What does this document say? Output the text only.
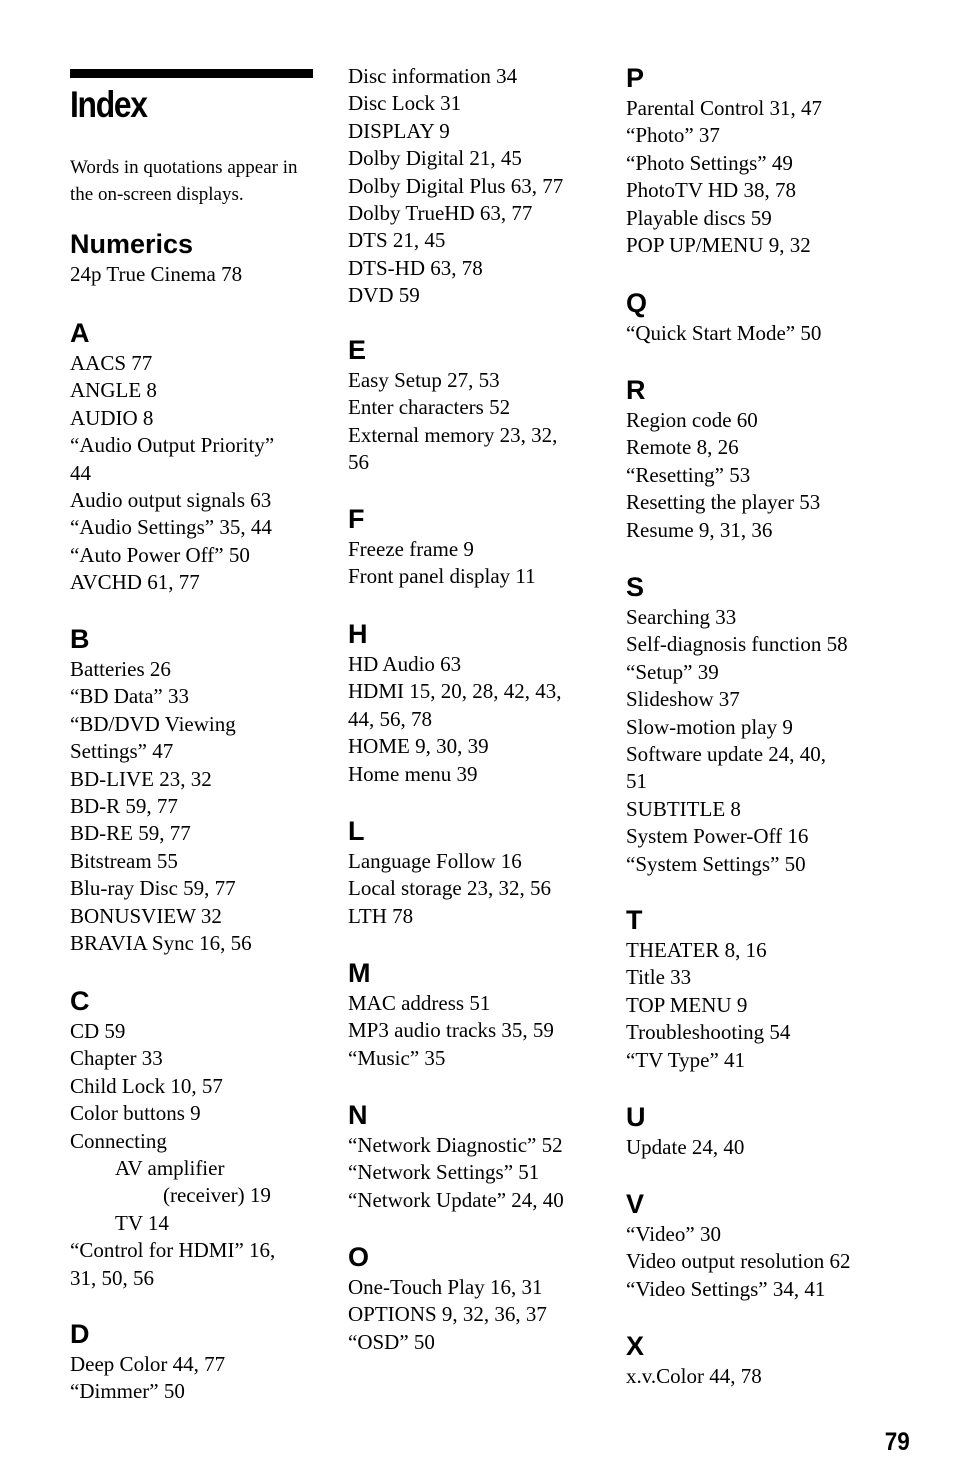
Index
Words in quotations appear in the on-screen displays.
Numerics
24p True Cinema 78
A
AACS 77
ANGLE 8
AUDIO 8
“Audio Output Priority”
44
Audio output signals 63
“Audio Settings” 35, 44
“Auto Power Off” 50
AVCHD 61, 77
B
Batteries 26
“BD Data” 33
“BD/DVD Viewing
Settings” 47
BD-LIVE 23, 32
BD-R 59, 77
BD-RE 59, 77
Bitstream 55
Blu-ray Disc 59, 77
BONUSVIEW 32
BRAVIA Sync 16, 56
C
CD 59
Chapter 33
Child Lock 10, 57
Color buttons 9
Connecting
AV amplifier
(receiver) 19
TV 14
“Control for HDMI” 16,
31, 50, 56
D
Deep Color 44, 77
“Dimmer” 50
Disc information 34
Disc Lock 31
DISPLAY 9
Dolby Digital 21, 45
Dolby Digital Plus 63, 77
Dolby TrueHD 63, 77
DTS 21, 45
DTS-HD 63, 78
DVD 59
E
Easy Setup 27, 53
Enter characters 52
External memory 23, 32,
56
F
Freeze frame 9
Front panel display 11
H
HD Audio 63
HDMI 15, 20, 28, 42, 43,
44, 56, 78
HOME 9, 30, 39
Home menu 39
L
Language Follow 16
Local storage 23, 32, 56
LTH 78
M
MAC address 51
MP3 audio tracks 35, 59
“Music” 35
N
“Network Diagnostic” 52
“Network Settings” 51
“Network Update” 24, 40
O
One-Touch Play 16, 31
OPTIONS 9, 32, 36, 37
“OSD” 50
P
Parental Control 31, 47
“Photo” 37
“Photo Settings” 49
PhotoTV HD 38, 78
Playable discs 59
POP UP/MENU 9, 32
Q
“Quick Start Mode” 50
R
Region code 60
Remote 8, 26
“Resetting” 53
Resetting the player 53
Resume 9, 31, 36
S
Searching 33
Self-diagnosis function 58
“Setup” 39
Slideshow 37
Slow-motion play 9
Software update 24, 40,
51
SUBTITLE 8
System Power-Off 16
“System Settings” 50
T
THEATER 8, 16
Title 33
TOP MENU 9
Troubleshooting 54
“TV Type” 41
U
Update 24, 40
V
“Video” 30
Video output resolution 62
“Video Settings” 34, 41
X
x.v.Color 44, 78
79
